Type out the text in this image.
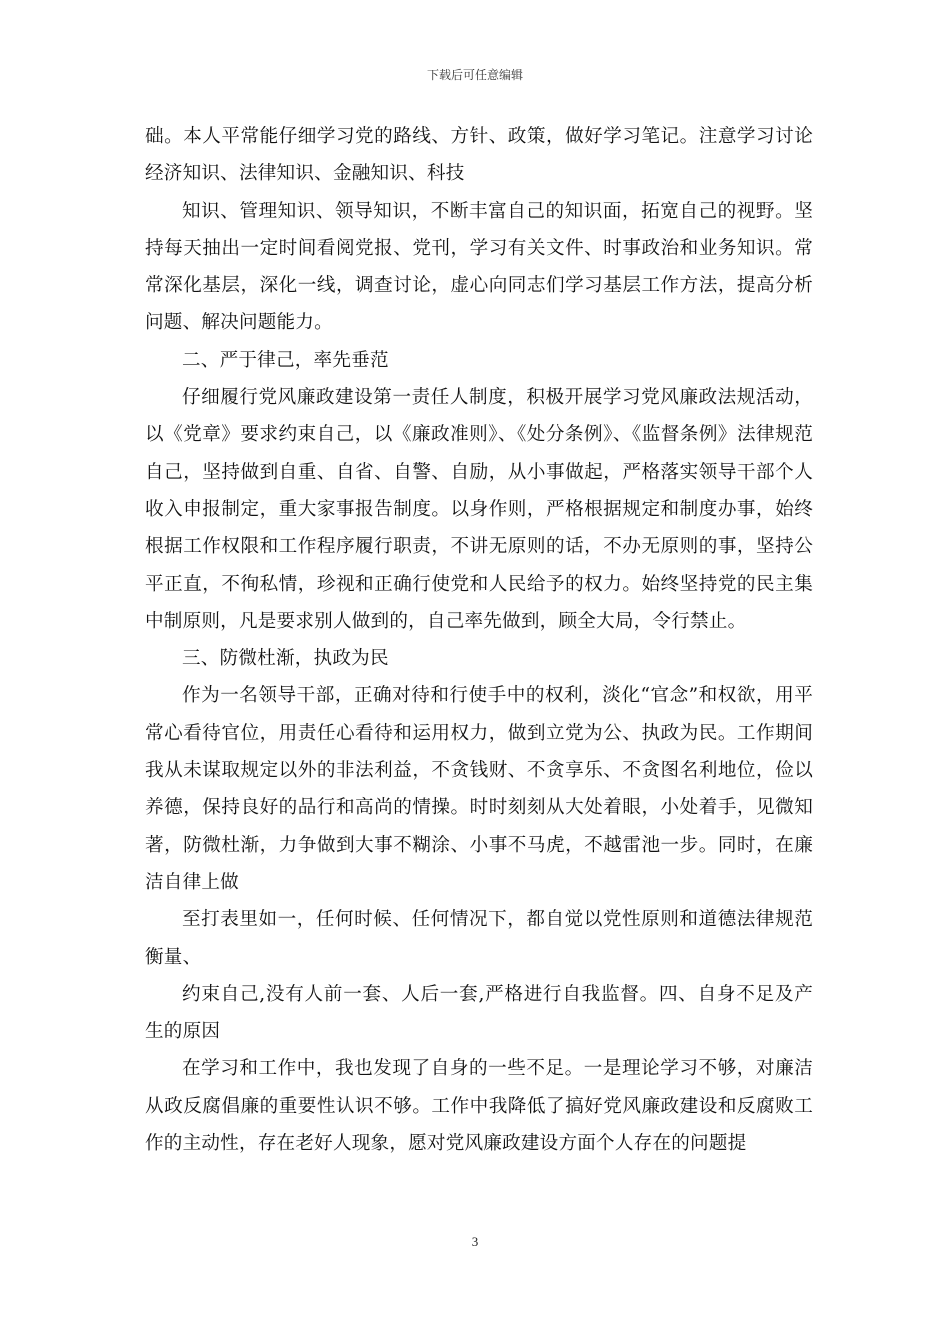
下载后可任意编辑

础。本人平常能仔细学习党的路线、方针、政策，做好学习笔记。注意学习讨论经济知识、法律知识、金融知识、科技

知识、管理知识、领导知识，不断丰富自己的知识面，拓宽自己的视野。坚持每天抽出一定时间看阅党报、党刊，学习有关文件、时事政治和业务知识。常常深化基层，深化一线，调查讨论，虚心向同志们学习基层工作方法，提高分析问题、解决问题能力。

二、严于律己，率先垂范

仔细履行党风廉政建设第一责任人制度，积极开展学习党风廉政法规活动，以《党章》要求约束自己，以《廉政准则》、《处分条例》、《监督条例》法律规范自己，坚持做到自重、自省、自警、自励，从小事做起，严格落实领导干部个人收入申报制定，重大家事报告制度。以身作则，严格根据规定和制度办事，始终根据工作权限和工作程序履行职责，不讲无原则的话，不办无原则的事，坚持公平正直，不徇私情，珍视和正确行使党和人民给予的权力。始终坚持党的民主集中制原则，凡是要求别人做到的，自己率先做到，顾全大局，令行禁止。

三、防微杜渐，执政为民

作为一名领导干部，正确对待和行使手中的权利，淡化“官念”和权欲，用平常心看待官位，用责任心看待和运用权力，做到立党为公、执政为民。工作期间我从未谋取规定以外的非法利益，不贪钱财、不贪享乐、不贪图名利地位，俭以养德，保持良好的品行和高尚的情操。时时刻刻从大处着眼，小处着手，见微知著，防微杜渐，力争做到大事不糊涂、小事不马虎，不越雷池一步。同时，在廉洁自律上做

至打表里如一，任何时候、任何情况下，都自觉以党性原则和道德法律规范衡量、

约束自己,没有人前一套、人后一套,严格进行自我监督。四、自身不足及产生的原因

在学习和工作中，我也发现了自身的一些不足。一是理论学习不够，对廉洁从政反腐倡廉的重要性认识不够。工作中我降低了搞好党风廉政建设和反腐败工作的主动性，存在老好人现象，愿对党风廉政建设方面个人存在的问题提

3
